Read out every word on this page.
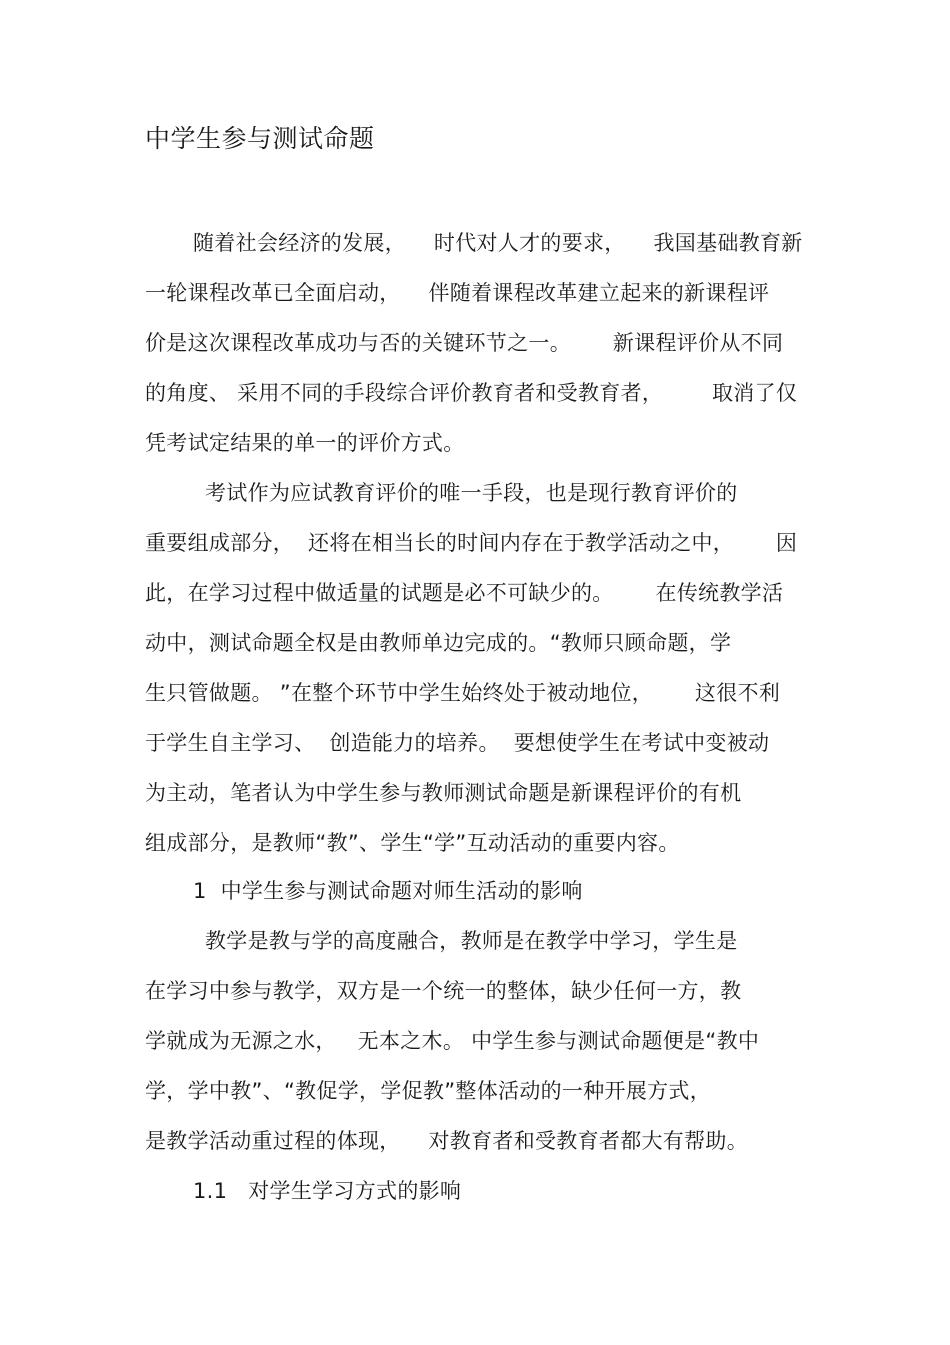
中学生参与测试命题
随着社会经济的发展，    时代对人才的要求，    我国基础教育新
一轮课程改革已全面启动，    伴随着课程改革建立起来的新课程评
价是这次课程改革成功与否的关键环节之一。      新课程评价从不同
的角度、 采用不同的手段综合评价教育者和受教育者，       取消了仅
凭考试定结果的单一的评价方式。
考试作为应试教育评价的唯一手段，也是现行教育评价的
重要组成部分，  还将在相当长的时间内存在于教学活动之中，      因
此，在学习过程中做适量的试题是必不可缺少的。      在传统教学活
动中，测试命题全权是由教师单边完成的。“教师只顾命题，学
生只管做题。 ”在整个环节中学生始终处于被动地位，      这很不利
于学生自主学习、  创造能力的培养。  要想使学生在考试中变被动
为主动，笔者认为中学生参与教师测试命题是新课程评价的有机
组成部分，是教师“教”、学生“学”互动活动的重要内容。
1  中学生参与测试命题对师生活动的影响
教学是教与学的高度融合，教师是在教学中学习，学生是
在学习中参与教学，双方是一个统一的整体，缺少任何一方，教
学就成为无源之水，   无本之木。 中学生参与测试命题便是“教中
学，学中教”、“教促学，学促教”整体活动的一种开展方式，
是教学活动重过程的体现，    对教育者和受教育者都大有帮助。
1.1   对学生学习方式的影响
